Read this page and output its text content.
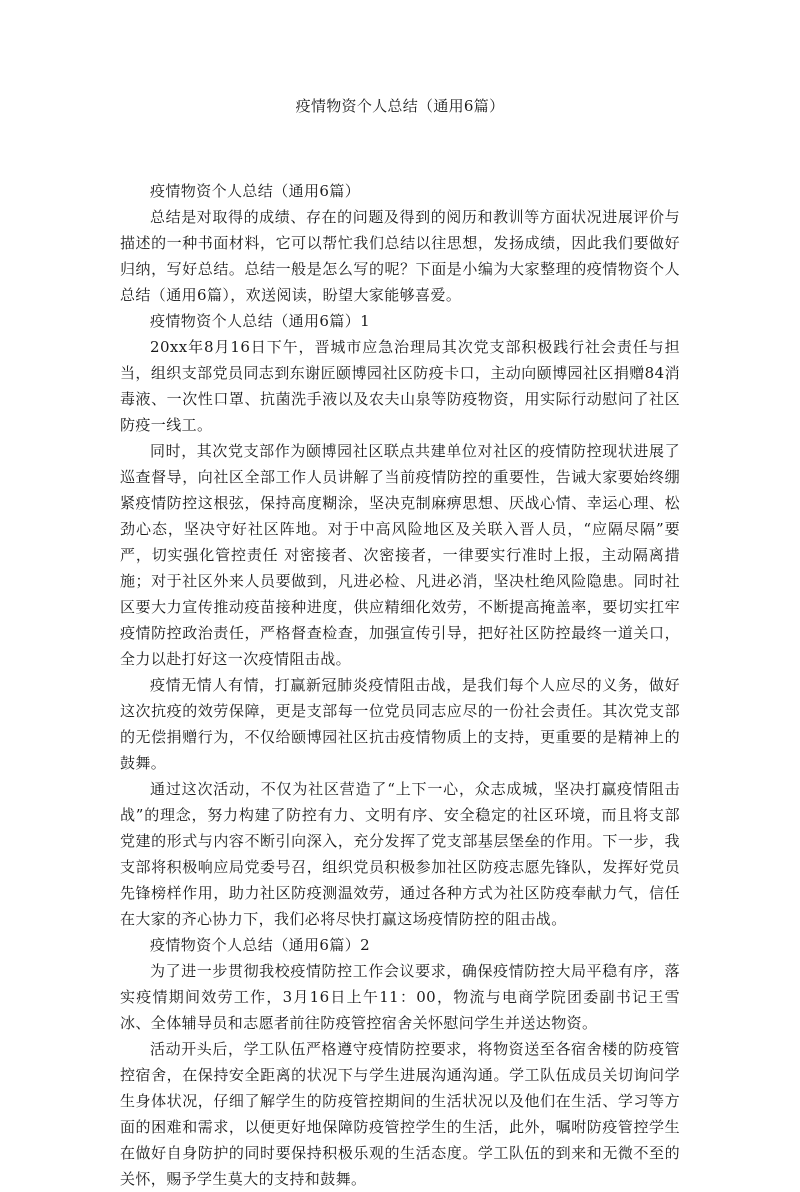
疫情物资个人总结（通用6篇）

疫情物资个人总结（通用6篇）

总结是对取得的成绩、存在的问题及得到的阅历和教训等方面状况进展评价与描述的一种书面材料，它可以帮忙我们总结以往思想，发扬成绩，因此我们要做好归纳，写好总结。总结一般是怎么写的呢？下面是小编为大家整理的疫情物资个人总结（通用6篇），欢送阅读，盼望大家能够喜爱。

疫情物资个人总结（通用6篇）1

20xx年8月16日下午，晋城市应急治理局其次党支部积极践行社会责任与担当，组织支部党员同志到东谢匠颐博园社区防疫卡口，主动向颐博园社区捐赠84消毒液、一次性口罩、抗菌洗手液以及农夫山泉等防疫物资，用实际行动慰问了社区防疫一线工。

同时，其次党支部作为颐博园社区联点共建单位对社区的疫情防控现状进展了巡查督导，向社区全部工作人员讲解了当前疫情防控的重要性，告诫大家要始终绷紧疫情防控这根弦，保持高度糊涂，坚决克制麻痹思想、厌战心情、幸运心理、松劲心态，坚决守好社区阵地。对于中高风险地区及关联入晋人员，“应隔尽隔”要严，切实强化管控责任 对密接者、次密接者，一律要实行准时上报，主动隔离措施；对于社区外来人员要做到，凡进必检、凡进必消，坚决杜绝风险隐患。同时社区要大力宣传推动疫苗接种进度，供应精细化效劳，不断提高掩盖率，要切实扛牢疫情防控政治责任，严格督查检查，加强宣传引导，把好社区防控最终一道关口，全力以赴打好这一次疫情阻击战。

疫情无情人有情，打赢新冠肺炎疫情阻击战，是我们每个人应尽的义务，做好这次抗疫的效劳保障，更是支部每一位党员同志应尽的一份社会责任。其次党支部的无偿捐赠行为，不仅给颐博园社区抗击疫情物质上的支持，更重要的是精神上的鼓舞。

通过这次活动，不仅为社区营造了“上下一心，众志成城，坚决打赢疫情阻击战”的理念，努力构建了防控有力、文明有序、安全稳定的社区环境，而且将支部党建的形式与内容不断引向深入，充分发挥了党支部基层堡垒的作用。下一步，我支部将积极响应局党委号召，组织党员积极参加社区防疫志愿先锋队，发挥好党员先锋榜样作用，助力社区防疫测温效劳，通过各种方式为社区防疫奉献力气，信任在大家的齐心协力下，我们必将尽快打赢这场疫情防控的阻击战。

疫情物资个人总结（通用6篇）2

为了进一步贯彻我校疫情防控工作会议要求，确保疫情防控大局平稳有序，落实疫情期间效劳工作，3月16日上午11：00，物流与电商学院团委副书记王雪冰、全体辅导员和志愿者前往防疫管控宿舍关怀慰问学生并送达物资。

活动开头后，学工队伍严格遵守疫情防控要求，将物资送至各宿舍楼的防疫管控宿舍，在保持安全距离的状况下与学生进展沟通沟通。学工队伍成员关切询问学生身体状况，仔细了解学生的防疫管控期间的生活状况以及他们在生活、学习等方面的困难和需求，以便更好地保障防疫管控学生的生活，此外，嘱咐防疫管控学生在做好自身防护的同时要保持积极乐观的生活态度。学工队伍的到来和无微不至的关怀，赐予学生莫大的支持和鼓舞。
